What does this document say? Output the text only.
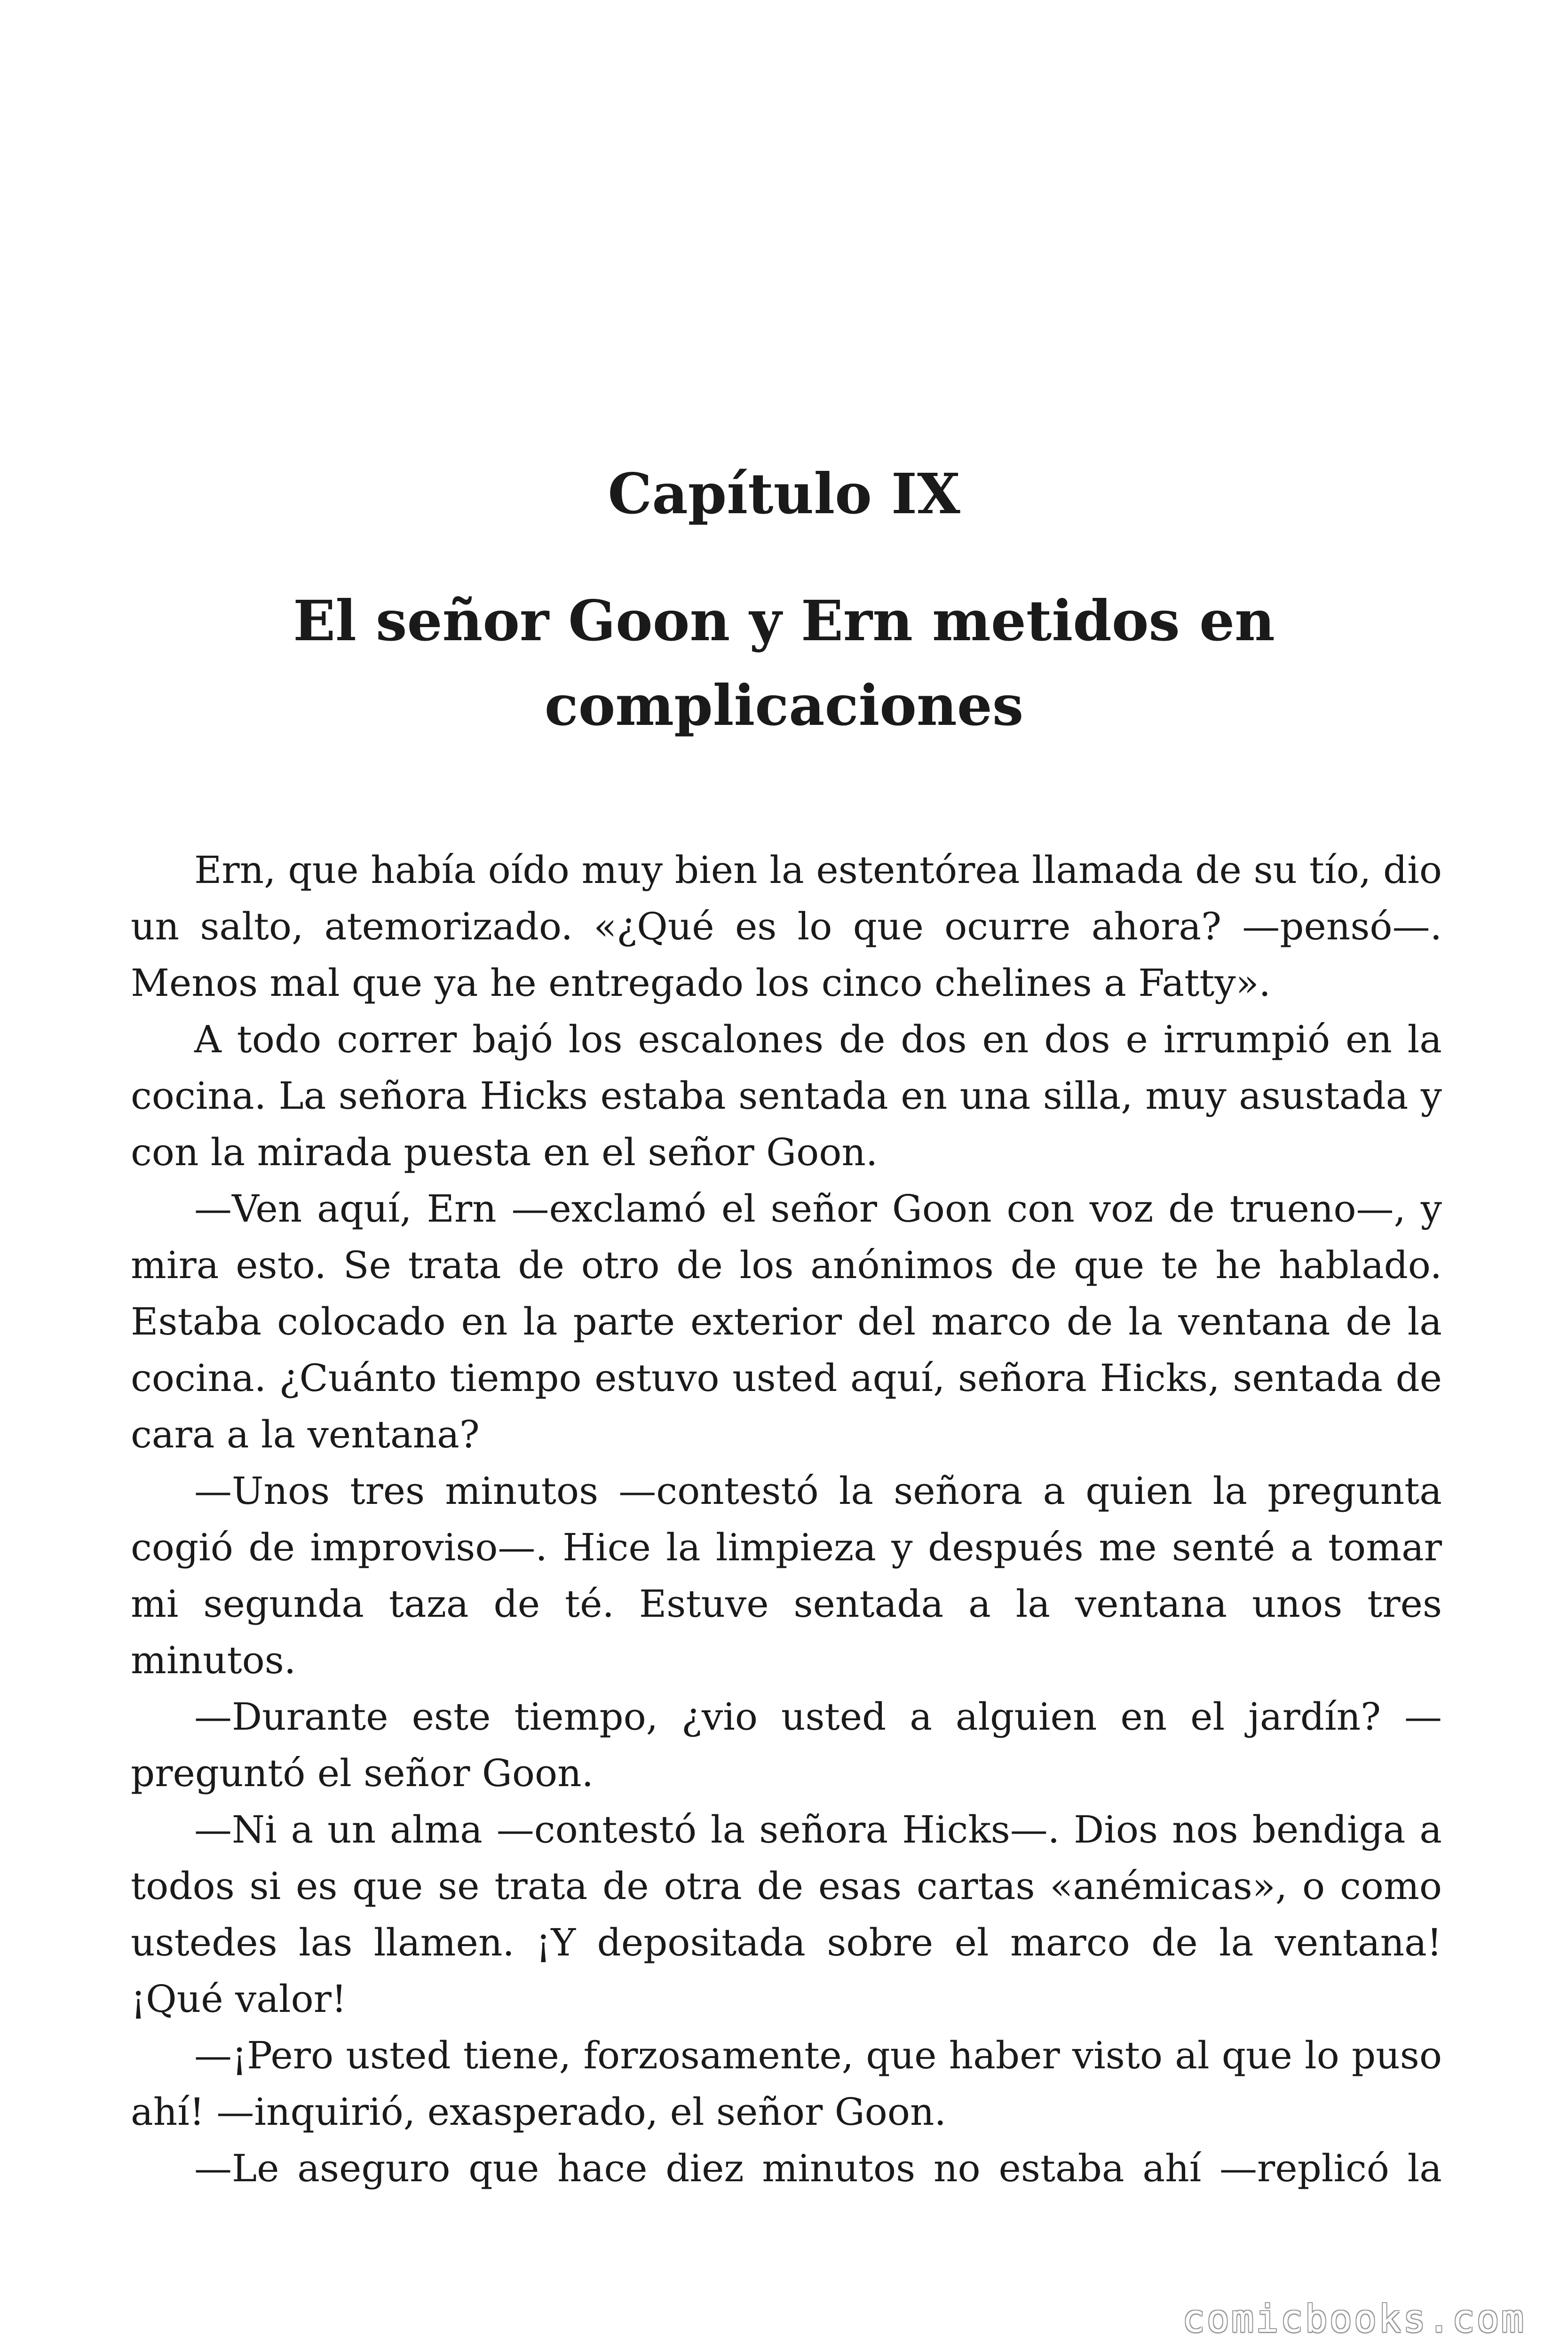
Capítulo IX
El señor Goon y Ern metidos en complicaciones

Ern, que había oído muy bien la estentórea llamada de su tío, dio un salto, atemorizado. «¿Qué es lo que ocurre ahora? —pensó—. Menos mal que ya he entregado los cinco chelines a Fatty».

A todo correr bajó los escalones de dos en dos e irrumpió en la cocina. La señora Hicks estaba sentada en una silla, muy asustada y con la mirada puesta en el señor Goon.

—Ven aquí, Ern —exclamó el señor Goon con voz de trueno—, y mira esto. Se trata de otro de los anónimos de que te he hablado. Estaba colocado en la parte exterior del marco de la ventana de la cocina. ¿Cuánto tiempo estuvo usted aquí, señora Hicks, sentada de cara a la ventana?

—Unos tres minutos —contestó la señora a quien la pregunta cogió de improviso—. Hice la limpieza y después me senté a tomar mi segunda taza de té. Estuve sentada a la ventana unos tres minutos.

—Durante este tiempo, ¿vio usted a alguien en el jardín? —preguntó el señor Goon.

—Ni a un alma —contestó la señora Hicks—. Dios nos bendiga a todos si es que se trata de otra de esas cartas «anémicas», o como ustedes las llamen. ¡Y depositada sobre el marco de la ventana! ¡Qué valor!

—¡Pero usted tiene, forzosamente, que haber visto al que lo puso ahí! —inquirió, exasperado, el señor Goon.

—Le aseguro que hace diez minutos no estaba ahí —replicó la

comicbooks.com
